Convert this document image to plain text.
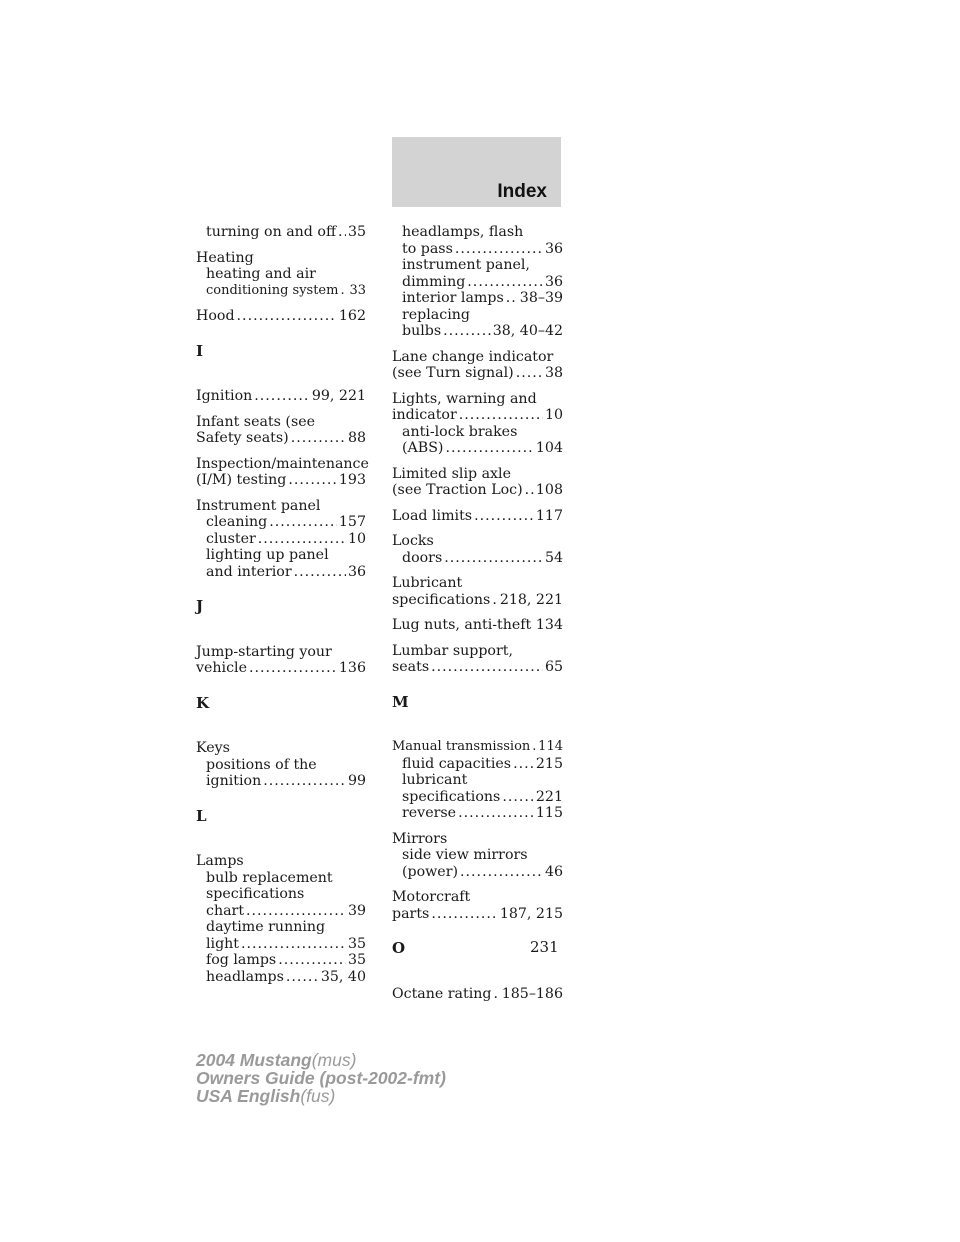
Index
turning on and off ..... 35
Heating
heating and air
conditioning system ..... 33
Hood .....	162
I
Ignition .....	99, 221
Infant seats (see
Safety seats) .....	88
Inspection/maintenance
(I/M) testing .....	193
Instrument panel
cleaning .....	157
cluster .....	10
lighting up panel
and interior .....	36
J
Jump-starting your
vehicle .....	136
K
Keys
positions of the
ignition .....	99
L
Lamps
bulb replacement
specifications
chart .....	39
daytime running
light .....	35
fog lamps .....	35
headlamps .....	35, 40
headlamps, flash
to pass .....	36
instrument panel,
dimming .....	36
interior lamps ..... 38–39
replacing
bulbs .....	38, 40–42
Lane change indicator
(see Turn signal) ..... 38
Lights, warning and
indicator .....	10
anti-lock brakes
(ABS) .....	104
Limited slip axle
(see Traction Loc) ..... 108
Load limits .....	117
Locks
doors .....	54
Lubricant
specifications ..... 218, 221
Lug nuts, anti-theft ..... 134
Lumbar support,
seats .....	65
M
Manual transmission ..... 114
fluid capacities ..... 215
lubricant
specifications .....	221
reverse .....	115
Mirrors
side view mirrors
(power) .....	46
Motorcraft
parts .....	187, 215
O
Octane rating ..... 185–186
231
2004 Mustang(mus)
Owners Guide (post-2002-fmt)
USA English(fus)
